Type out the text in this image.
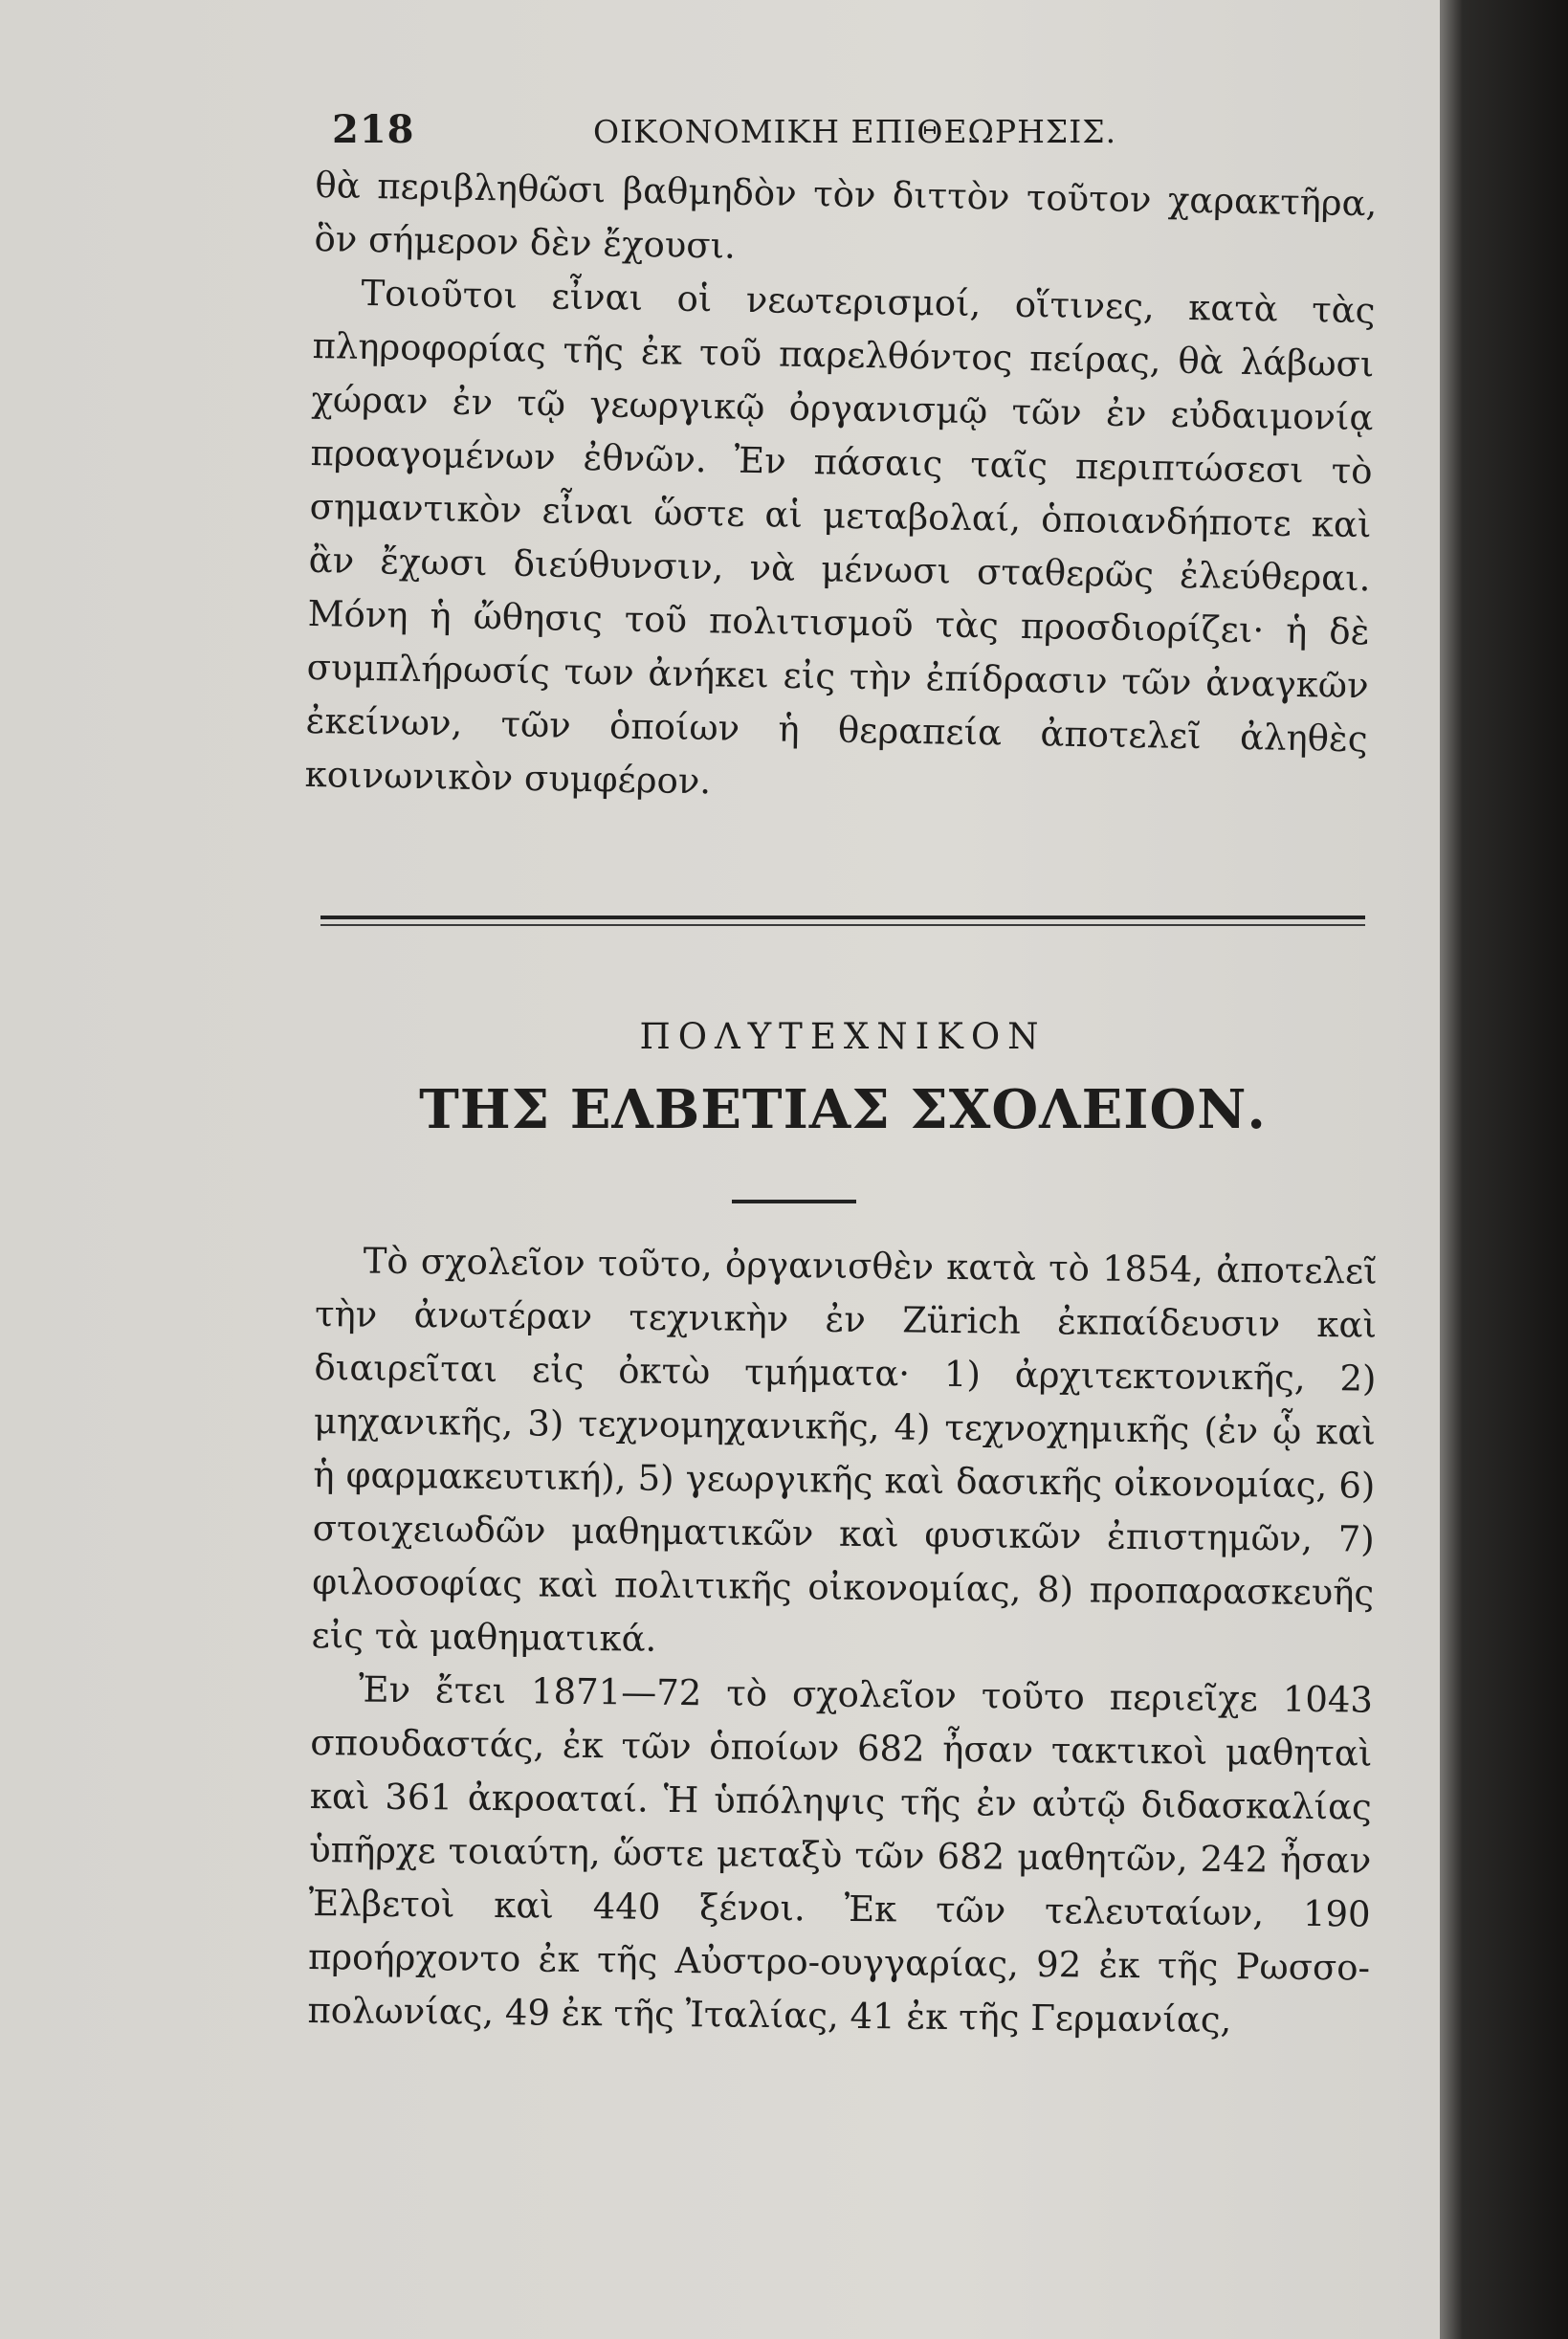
218	ΟΙΚΟΝΟΜΙΚΗ ΕΠΙΘΕΩΡΗΣΙΣ.

θὰ περιβληθῶσι βαθμηδὸν τὸν διττὸν τοῦτον χαρακτῆρα, ὃν σήμερον δὲν ἔχουσι.

Τοιοῦτοι εἶναι οἱ νεωτερισμοί, οἵτινες, κατὰ τὰς πληροφορίας τῆς ἐκ τοῦ παρελθόντος πείρας, θὰ λάβωσι χώραν ἐν τῷ γεωργικῷ ὀργανισμῷ τῶν ἐν εὐδαιμονίᾳ προαγομένων ἐθνῶν. Ἐν πάσαις ταῖς περιπτώσεσι τὸ σημαντικὸν εἶναι ὥστε αἱ μεταβολαί, ὁποιανδήποτε καὶ ἂν ἔχωσι διεύθυνσιν, νὰ μένωσι σταθερῶς ἐλεύθεραι. Μόνη ἡ ὤθησις τοῦ πολιτισμοῦ τὰς προσδιορίζει· ἡ δὲ συμπλήρωσίς των ἀνήκει εἰς τὴν ἐπίδρασιν τῶν ἀναγκῶν ἐκείνων, τῶν ὁποίων ἡ θεραπεία ἀποτελεῖ ἀληθὲς κοινωνικὸν συμφέρον.

ΠΟΛΥΤΕΧΝΙΚΟΝ
ΤΗΣ ΕΛΒΕΤΙΑΣ ΣΧΟΛΕΙΟΝ.

Τὸ σχολεῖον τοῦτο, ὀργανισθὲν κατὰ τὸ 1854, ἀποτελεῖ τὴν ἀνωτέραν τεχνικὴν ἐν Zürich ἐκπαίδευσιν καὶ διαιρεῖται εἰς ὀκτὼ τμήματα· 1) ἀρχιτεκτονικῆς, 2) μηχανικῆς, 3) τεχνομηχανικῆς, 4) τεχνοχημικῆς (ἐν ᾧ καὶ ἡ φαρμακευτική), 5) γεωργικῆς καὶ δασικῆς οἰκονομίας, 6) στοιχειωδῶν μαθηματικῶν καὶ φυσικῶν ἐπιστημῶν, 7) φιλοσοφίας καὶ πολιτικῆς οἰκονομίας, 8) προπαρασκευῆς εἰς τὰ μαθηματικά.

Ἐν ἔτει 1871—72 τὸ σχολεῖον τοῦτο περιεῖχε 1043 σπουδαστάς, ἐκ τῶν ὁποίων 682 ἦσαν τακτικοὶ μαθηταὶ καὶ 361 ἀκροαταί. Ἡ ὑπόληψις τῆς ἐν αὐτῷ διδασκαλίας ὑπῆρχε τοιαύτη, ὥστε μεταξὺ τῶν 682 μαθητῶν, 242 ἦσαν Ἐλβετοὶ καὶ 440 ξένοι. Ἐκ τῶν τελευταίων, 190 προήρχοντο ἐκ τῆς Αὐστρο-ουγγαρίας, 92 ἐκ τῆς Ρωσσο-πολωνίας, 49 ἐκ τῆς Ἰταλίας, 41 ἐκ τῆς Γερμανίας,
